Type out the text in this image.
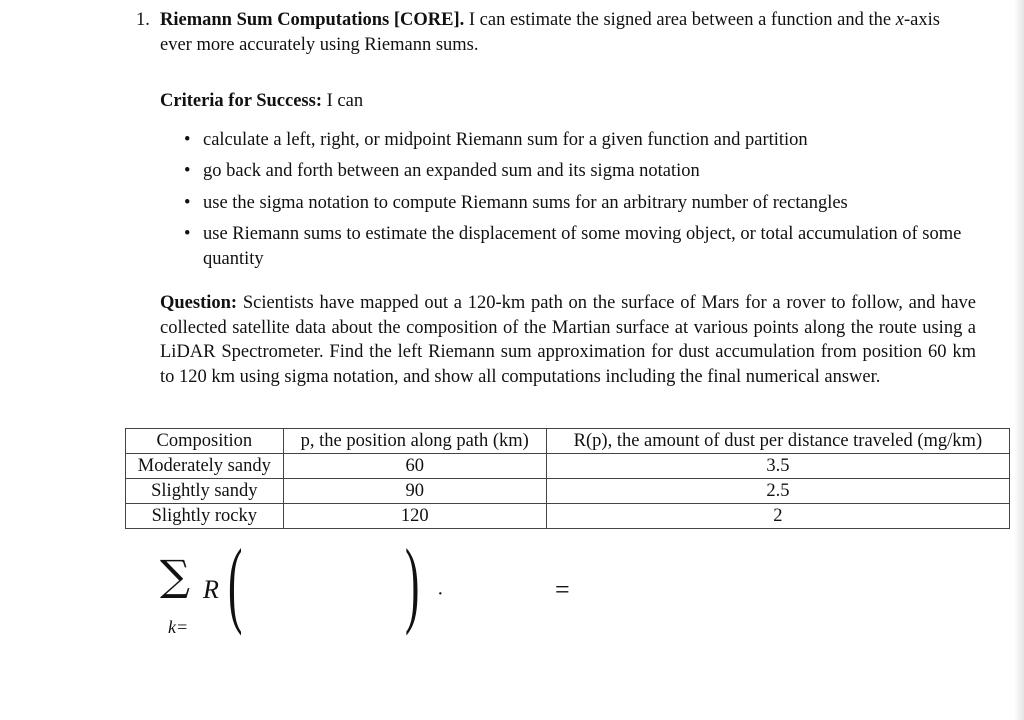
1. Riemann Sum Computations [CORE]. I can estimate the signed area between a function and the x-axis ever more accurately using Riemann sums.
Criteria for Success: I can
• calculate a left, right, or midpoint Riemann sum for a given function and partition
• go back and forth between an expanded sum and its sigma notation
• use the sigma notation to compute Riemann sums for an arbitrary number of rectangles
• use Riemann sums to estimate the displacement of some moving object, or total accumulation of some quantity
Question: Scientists have mapped out a 120-km path on the surface of Mars for a rover to follow, and have collected satellite data about the composition of the Martian surface at various points along the route using a LiDAR Spectrometer. Find the left Riemann sum approximation for dust accumulation from position 60 km to 120 km using sigma notation, and show all computations including the final numerical answer.
Composition	p, the position along path (km)	R(p), the amount of dust per distance traveled (mg/km)
Moderately sandy	60	3.5
Slightly sandy	90	2.5
Slightly rocky	120	2
∑
k=
R ( ) ·	=
